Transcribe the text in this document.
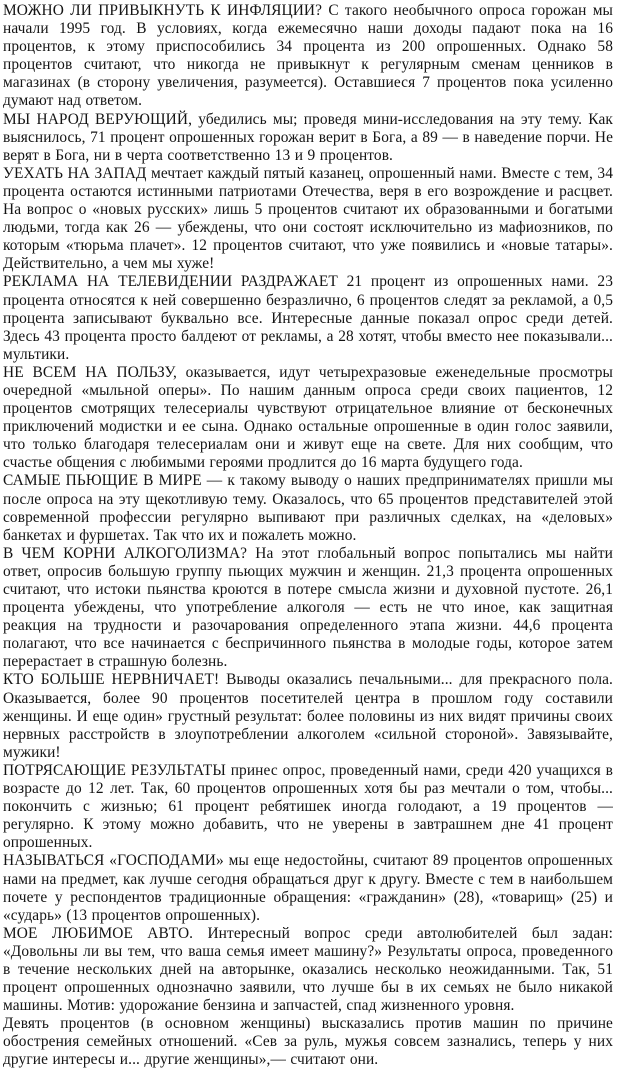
МОЖНО ЛИ ПРИВЫКНУТЬ К ИНФЛЯЦИИ? С такого необычного опроса горожан мы начали 1995 год. В условиях, когда ежемесячно наши доходы падают пока на 16 процентов, к этому приспособились 34 процента из 200 опрошенных. Однако 58 процентов считают, что никогда не привыкнут к регулярным сменам ценников в магазинах (в сторону увеличения, разумеется). Оставшиеся 7 процентов пока усиленно думают над ответом.

МЫ НАРОД ВЕРУЮЩИЙ, убедились мы; проведя мини-исследования на эту тему. Как выяснилось, 71 процент опрошенных горожан верит в Бога, а 89 — в наведение порчи. Не верят в Бога, ни в черта соответственно 13 и 9 процентов.

УЕХАТЬ НА ЗАПАД мечтает каждый пятый казанец, опрошенный нами. Вместе с тем, 34 процента остаются истинными патриотами Отечества, веря в его возрождение и расцвет. На вопрос о «новых русских» лишь 5 процентов считают их образованными и богатыми людьми, тогда как 26 — убеждены, что они состоят исключительно из мафиозников, по которым «тюрьма плачет». 12 процентов считают, что уже появились и «новые татары». Действительно, а чем мы хуже!

РЕКЛАМА НА ТЕЛЕВИДЕНИИ РАЗДРАЖАЕТ 21 процент из опрошенных нами. 23 процента относятся к ней совершенно безразлично, 6 процентов следят за рекламой, а 0,5 процента записывают буквально все. Интересные данные показал опрос среди детей. Здесь 43 процента просто балдеют от рекламы, а 28 хотят, чтобы вместо нее показывали... мультики.

НЕ ВСЕМ НА ПОЛЬЗУ, оказывается, идут четырехразовые еженедельные просмотры очередной «мыльной оперы». По нашим данным опроса среди своих пациентов, 12 процентов смотрящих телесериалы чувствуют отрицательное влияние от бесконечных приключений модистки и ее сына. Однако остальные опрошенные в один голос заявили, что только благодаря телесериалам они и живут еще на свете. Для них сообщим, что счастье общения с любимыми героями продлится до 16 марта будущего года.

САМЫЕ ПЬЮЩИЕ В МИРЕ — к такому выводу о наших предпринимателях пришли мы после опроса на эту щекотливую тему. Оказалось, что 65 процентов представителей этой современной профессии регулярно выпивают при различных сделках, на «деловых» банкетах и фуршетах. Так что их и пожалеть можно.

В ЧЕМ КОРНИ АЛКОГОЛИЗМА? На этот глобальный вопрос попытались мы найти ответ, опросив большую группу пьющих мужчин и женщин. 21,3 процента опрошенных считают, что истоки пьянства кроются в потере смысла жизни и духовной пустоте. 26,1 процента убеждены, что употребление алкоголя — есть не что иное, как защитная реакция на трудности и разочарования определенного этапа жизни. 44,6 процента полагают, что все начинается с беспричинного пьянства в молодые годы, которое затем перерастает в страшную болезнь.

КТО БОЛЬШЕ НЕРВНИЧАЕТ! Выводы оказались печальными... для прекрасного пола. Оказывается, более 90 процентов посетителей центра в прошлом году составили женщины. И еще один» грустный результат: более половины из них видят причины своих нервных расстройств в злоупотреблении алкоголем «сильной стороной». Завязывайте, мужики!

ПОТРЯСАЮЩИЕ РЕЗУЛЬТАТЫ принес опрос, проведенный нами, среди 420 учащихся в возрасте до 12 лет. Так, 60 процентов опрошенных хотя бы раз мечтали о том, чтобы... покончить с жизнью; 61 процент ребятишек иногда голодают, а 19 процентов — регулярно. К этому можно добавить, что не уверены в завтрашнем дне 41 процент опрошенных.

НАЗЫВАТЬСЯ «ГОСПОДАМИ» мы еще недостойны, считают 89 процентов опрошенных нами на предмет, как лучше сегодня обращаться друг к другу. Вместе с тем в наибольшем почете у респондентов традиционные обращения: «гражданин» (28), «товарищ» (25) и «сударь» (13 процентов опрошенных).

МОЕ ЛЮБИМОЕ АВТО. Интересный вопрос среди автолюбителей был задан: «Довольны ли вы тем, что ваша семья имеет машину?» Результаты опроса, проведенного в течение нескольких дней на авторынке, оказались несколько неожиданными. Так, 51 процент опрошенных однозначно заявили, что лучше бы в их семьях не было никакой машины. Мотив: удорожание бензина и запчастей, спад жизненного уровня.

Девять процентов (в основном женщины) высказались против машин по причине обострения семейных отношений. «Сев за руль, мужья совсем зазнались, теперь у них другие интересы и... другие женщины»,— считают они.
